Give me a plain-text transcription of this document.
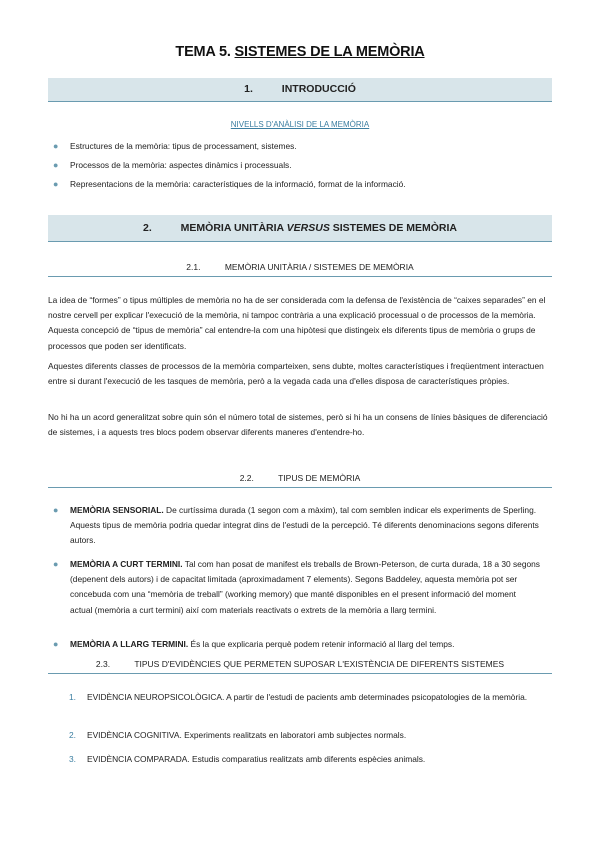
TEMA 5. SISTEMES DE LA MEMÒRIA
1.	INTRODUCCIÓ
NIVELLS D'ANÀLISI DE LA MEMÒRIA
● Estructures de la memòria: tipus de processament, sistemes.
● Processos de la memòria: aspectes dinàmics i processuals.
● Representacions de la memòria: característiques de la informació, format de la informació.
2.	MEMÒRIA UNITÀRIA VERSUS SISTEMES DE MEMÒRIA
2.1.	MEMÒRIA UNITÀRIA / SISTEMES DE MEMÒRIA
La idea de “formes” o tipus múltiples de memòria no ha de ser considerada com la defensa de l'existència de “caixes separades” en el nostre cervell per explicar l'execució de la memòria, ni tampoc contrària a una explicació processual o de processos de la memòria. Aquesta concepció de “tipus de memòria” cal entendre-la com una hipòtesi que distingeix els diferents tipus de memòria o grups de processos que poden ser identificats.
Aquestes diferents classes de processos de la memòria comparteixen, sens dubte, moltes característiques i freqüentment interactuen entre si durant l'execució de les tasques de memòria, però a la vegada cada una d'elles disposa de característiques pròpies.
No hi ha un acord generalitzat sobre quin són el número total de sistemes, però si hi ha un consens de línies bàsiques de diferenciació de sistemes, i a aquests tres blocs podem observar diferents maneres d'entendre-ho.
2.2.	TIPUS DE MEMÒRIA
● MEMÒRIA SENSORIAL. De curtíssima durada (1 segon com a màxim), tal com semblen indicar els experiments de Sperling. Aquests tipus de memòria podria quedar integrat dins de l'estudi de la percepció. Té diferents denominacions segons diferents autors.
● MEMÒRIA A CURT TERMINI. Tal com han posat de manifest els treballs de Brown-Peterson, de curta durada, 18 a 30 segons (depenent dels autors) i de capacitat limitada (aproximadament 7 elements). Segons Baddeley, aquesta memòria pot ser concebuda com una “memòria de treball” (working memory) que manté disponibles en el present informació del moment actual (memòria a curt termini) així com materials reactivats o extrets de la memòria a llarg termini.
● MEMÒRIA A LLARG TERMINI. És la que explicaria perquè podem retenir informació al llarg del temps.
2.3.	TIPUS D'EVIDÈNCIES QUE PERMETEN SUPOSAR L'EXISTÈNCIA DE DIFERENTS SISTEMES
1. EVIDÈNCIA NEUROPSICOLÒGICA. A partir de l'estudi de pacients amb determinades psicopatologies de la memòria.
2. EVIDÈNCIA COGNITIVA. Experiments realitzats en laboratori amb subjectes normals.
3. EVIDÈNCIA COMPARADA. Estudis comparatius realitzats amb diferents espècies animals.
